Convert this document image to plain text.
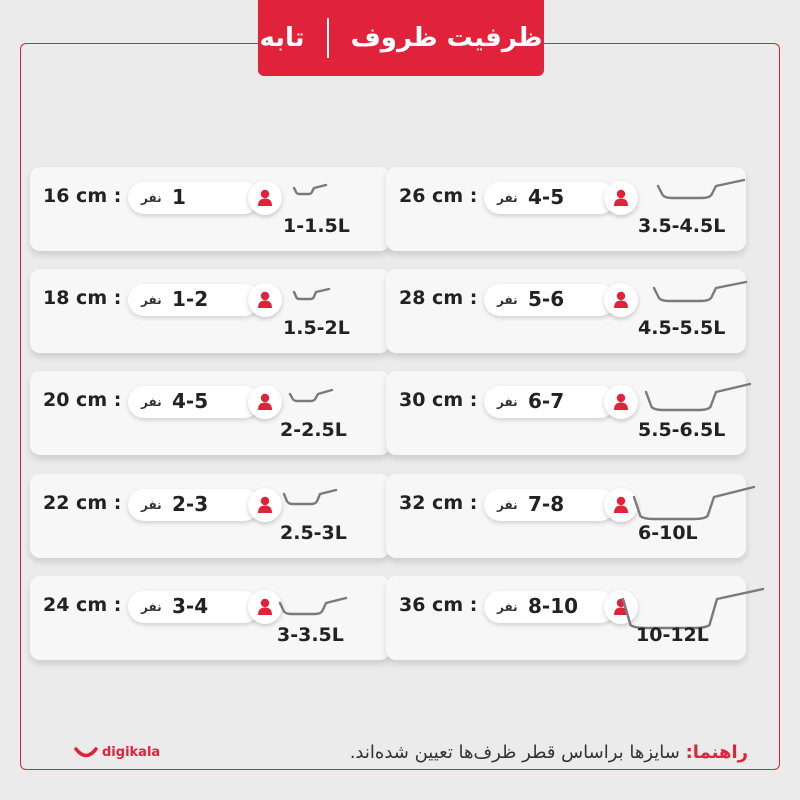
ظرفیت ظروف
تابه
16 cm : نفر 1
1-1.5L
18 cm : نفر 1-2
1.5-2L
20 cm : نفر 4-5
2-2.5L
22 cm : نفر 2-3
2.5-3L
24 cm : نفر 3-4
3-3.5L
26 cm : نفر 4-5
3.5-4.5L
28 cm : نفر 5-6
4.5-5.5L
30 cm : نفر 6-7
5.5-6.5L
32 cm : نفر 7-8
6-10L
36 cm : نفر 8-10
10-12L
راهنما: سایزها براساس قطر ظرف‌ها تعیین شده‌اند.
digikala
